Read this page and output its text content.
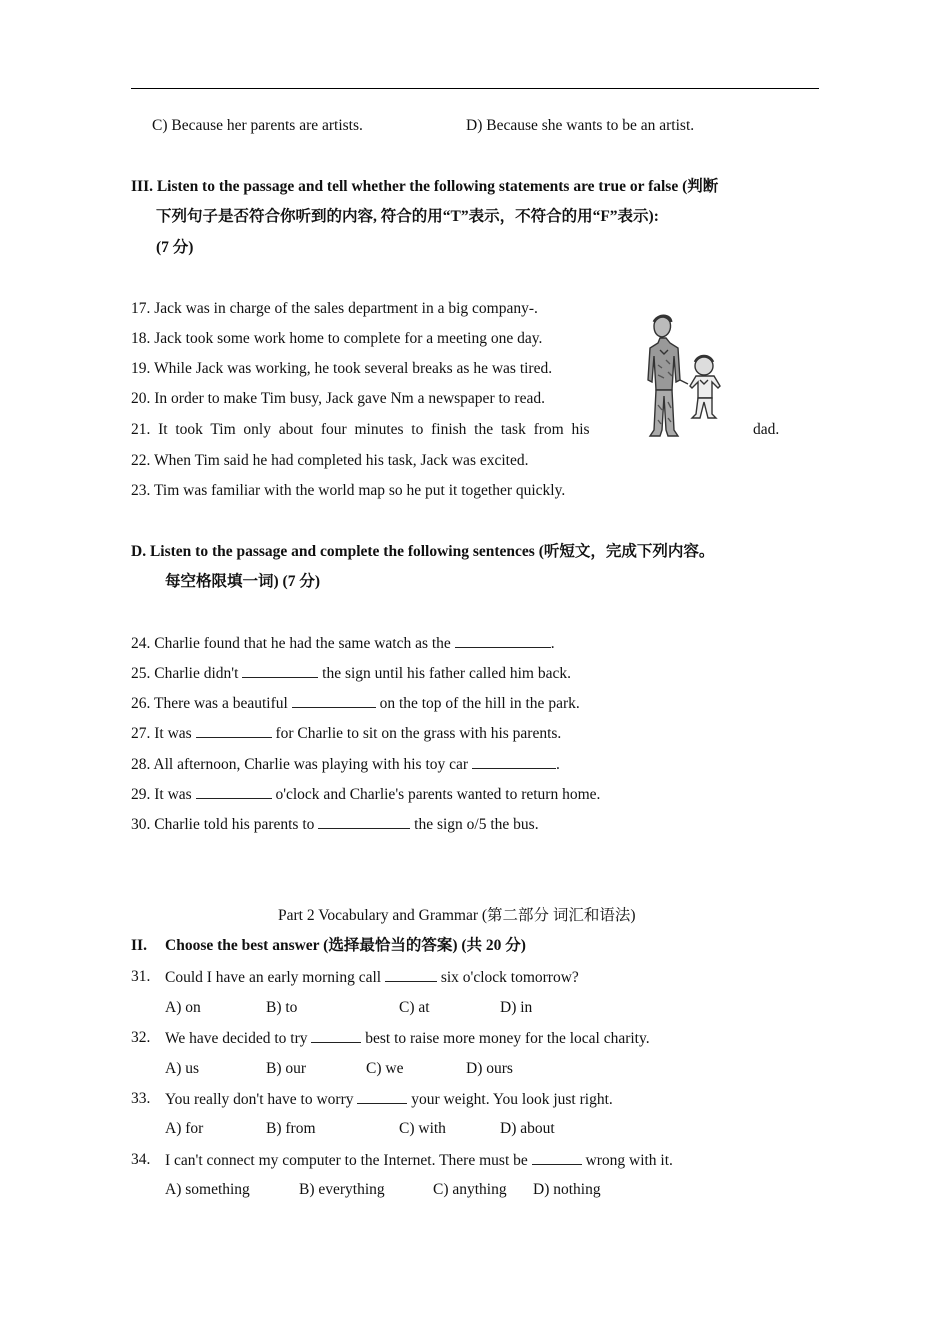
C) Because her parents are artists.	D) Because she wants to be an artist.
III. Listen to the passage and tell whether the following statements are true or false (判断
下列句子是否符合你听到的内容, 符合的用“T”表示，不符合的用“F”表示):
(7 分)
17. Jack was in charge of the sales department in a big company-.
18. Jack took some work home to complete for a meeting one day.
19. While Jack was working, he took several breaks as he was tired.
20. In order to make Tim busy, Jack gave Nm a newspaper to read.
21.  It  took  Tim  only  about  four  minutes  to  finish  the  task  from  his	dad.
22. When Tim said he had completed his task, Jack was excited.
23. Tim was familiar with the world map so he put it together quickly.
D. Listen to the passage and complete the following sentences (听短文，完成下列内容。
每空格限填一词) (7 分)
24. Charlie found that he had the same watch as the	.
25. Charlie didn't	the sign until his father called him back.
26. There was a beautiful	on the top of the hill in the park.
27. It was	for Charlie to sit on the grass with his parents.
28. All afternoon, Charlie was playing with his toy car	.
29. It was	o'clock and Charlie's parents wanted to return home.
30. Charlie told his parents to	the sign o/5 the bus.
Part 2 Vocabulary and Grammar (第二部分 词汇和语法)
II. Choose the best answer (选择最恰当的答案) (共 20 分)
31. Could I have an early morning call	six o'clock tomorrow?
A) on	B) to	C) at	D) in
32. We have decided to try	best to raise more money for the local charity.
A) us	B) our	C) we	D) ours
33. You really don't have to worry	your weight. You look just right.
A) for	B) from	C) with	D) about
34. I can't connect my computer to the Internet. There must be	wrong with it.
A) something	B) everything	C) anything D) nothing
